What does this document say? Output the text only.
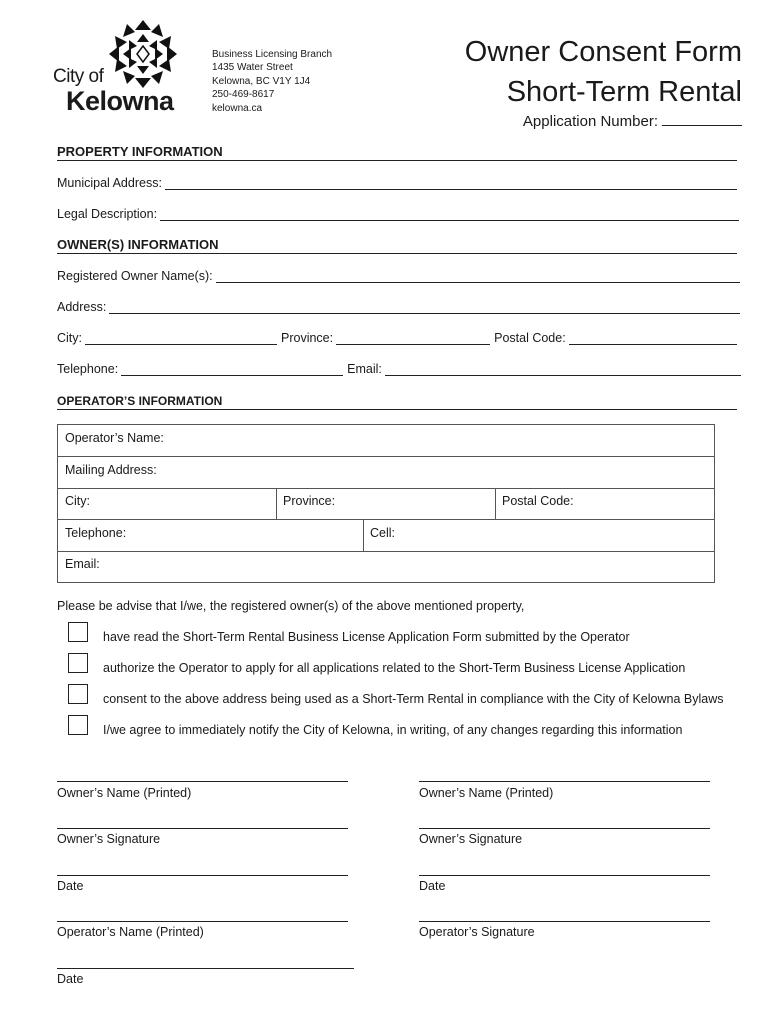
City of
Kelowna
Business Licensing Branch
1435 Water Street
Kelowna, BC V1Y 1J4
250-469-8617
kelowna.ca
Owner Consent Form
Short-Term Rental
Application Number:
PROPERTY INFORMATION
Municipal Address:
Legal Description:
OWNER(S) INFORMATION
Registered Owner Name(s):
Address:
City:	Province:	Postal Code:
Telephone:	Email:
OPERATOR’S INFORMATION
Operator’s Name:
Mailing Address:
City:	Province:	Postal Code:
Telephone:	Cell:
Email:
Please be advise that I/we, the registered owner(s) of the above mentioned property,
have read the Short-Term Rental Business License Application Form submitted by the Operator
authorize the Operator to apply for all applications related to the Short-Term Business License Application
consent to the above address being used as a Short-Term Rental in compliance with the City of Kelowna Bylaws
I/we agree to immediately notify the City of Kelowna, in writing, of any changes regarding this information
Owner’s Name (Printed)	Owner’s Name (Printed)
Owner’s Signature	Owner’s Signature
Date	Date
Operator’s Name (Printed)	Operator’s Signature
Date
